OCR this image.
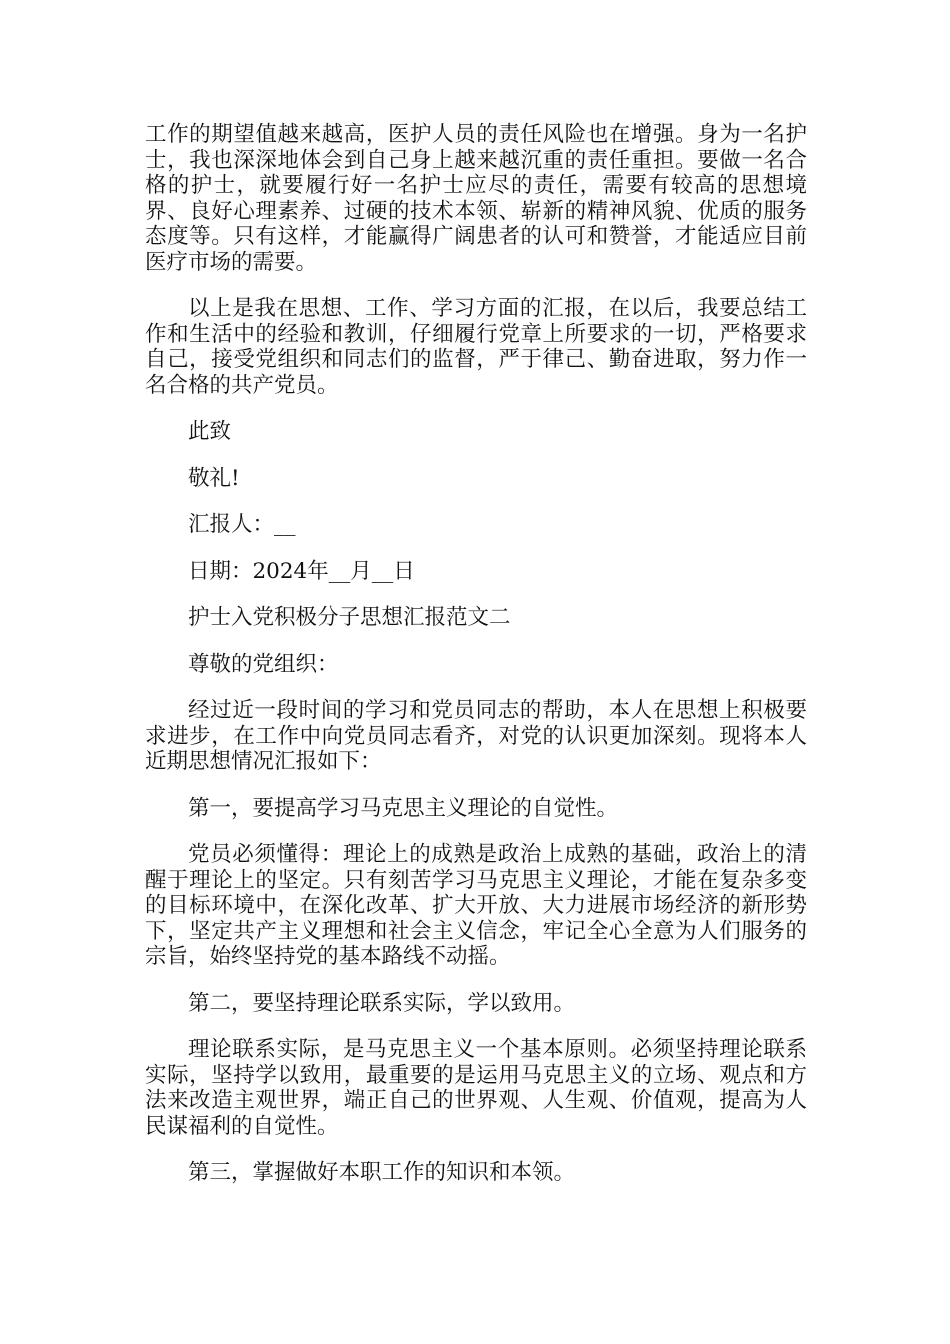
工作的期望值越来越高，医护人员的责任风险也在增强。身为一名护士，我也深深地体会到自己身上越来越沉重的责任重担。要做一名合格的护士，就要履行好一名护士应尽的责任，需要有较高的思想境界、良好心理素养、过硬的技术本领、崭新的精神风貌、优质的服务态度等。只有这样，才能赢得广阔患者的认可和赞誉，才能适应目前医疗市场的需要。

以上是我在思想、工作、学习方面的汇报，在以后，我要总结工作和生活中的经验和教训，仔细履行党章上所要求的一切，严格要求自己，接受党组织和同志们的监督，严于律己、勤奋进取，努力作一名合格的共产党员。

此致
敬礼!
汇报人：__
日期：2024年__月__日
护士入党积极分子思想汇报范文二
尊敬的党组织：

经过近一段时间的学习和党员同志的帮助，本人在思想上积极要求进步，在工作中向党员同志看齐，对党的认识更加深刻。现将本人近期思想情况汇报如下：

第一，要提高学习马克思主义理论的自觉性。

党员必须懂得：理论上的成熟是政治上成熟的基础，政治上的清醒于理论上的坚定。只有刻苦学习马克思主义理论，才能在复杂多变的目标环境中，在深化改革、扩大开放、大力进展市场经济的新形势下，坚定共产主义理想和社会主义信念，牢记全心全意为人们服务的宗旨，始终坚持党的基本路线不动摇。

第二，要坚持理论联系实际，学以致用。

理论联系实际，是马克思主义一个基本原则。必须坚持理论联系实际，坚持学以致用，最重要的是运用马克思主义的立场、观点和方法来改造主观世界，端正自己的世界观、人生观、价值观，提高为人民谋福利的自觉性。

第三，掌握做好本职工作的知识和本领。
